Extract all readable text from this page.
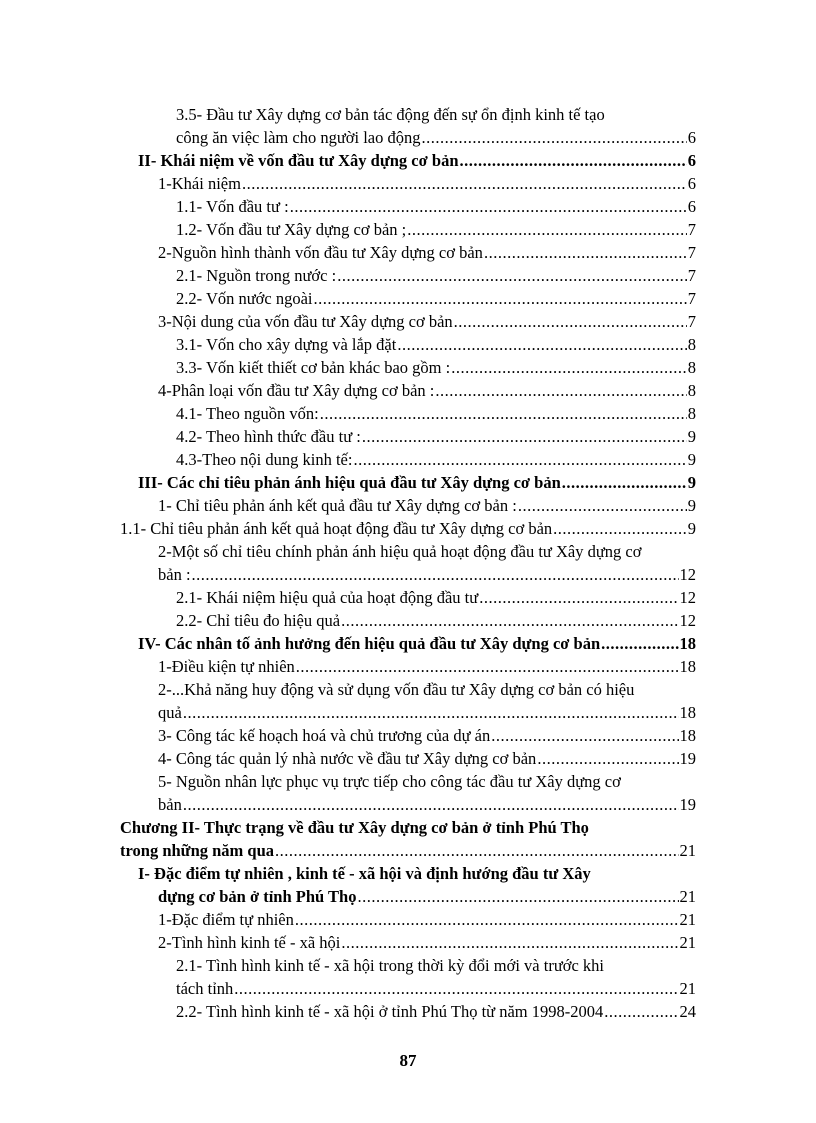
3.5- Đầu tư Xây dựng cơ bản tác động đến sự ổn định kinh tế tạo
công ăn việc làm cho người lao động .....	6
II- Khái niệm về vốn đầu tư Xây dựng cơ bản .....	6
1-Khái niệm .....	6
1.1- Vốn đầu tư : .....	6
1.2- Vốn đầu tư Xây dựng cơ bản ; .....	7
2-Nguồn hình thành vốn đầu tư Xây dựng cơ bản .....	7
2.1- Nguồn trong nước : .....	7
2.2- Vốn nước ngoài .....	7
3-Nội dung của vốn đầu tư Xây dựng cơ bản .....	7
3.1- Vốn cho xây dựng và lắp đặt .....	8
3.3- Vốn kiết thiết cơ bản khác bao gồm : .....	8
4-Phân loại vốn đầu tư Xây dựng cơ bản : .....	8
4.1- Theo nguồn vốn: .....	8
4.2- Theo hình thức đầu tư : .....	9
4.3-Theo nội dung kinh tế: .....	9
III- Các chỉ tiêu phản ánh hiệu quả đầu tư Xây dựng cơ bản .....	9
1- Chỉ tiêu phản ánh kết quả đầu tư Xây dựng cơ bản : .....	9
1.1- Chỉ tiêu phản ánh kết quả hoạt động đầu tư Xây dựng cơ bản .....	9
2-Một số chỉ tiêu chính phản ánh hiệu quả hoạt động đầu tư Xây dựng cơ
bản : .....	12
2.1- Khái niệm hiệu quả của hoạt động đầu tư .....	12
2.2- Chỉ tiêu đo hiệu quả .....	12
IV- Các nhân tố ảnh hưởng đến hiệu quả đầu tư Xây dựng cơ bản .....	18
1-Điều kiện tự nhiên .....	18
2-...Khả năng huy động và sử dụng vốn đầu tư Xây dựng cơ bản có hiệu
quả .....	18
3- Công tác kế hoạch hoá và chủ trương của dự án .....	18
4- Công tác quản lý nhà nước về đầu tư Xây dựng cơ bản .....	19
5- Nguồn nhân lực phục vụ trực tiếp cho công tác đầu tư Xây dựng cơ
bản .....	19
Chương II- Thực trạng về đầu tư Xây dựng cơ bản ở tỉnh Phú Thọ
trong những năm qua .....	21
I- Đặc điểm tự nhiên , kinh tế - xã hội và định hướng đầu tư Xây
dựng cơ bản ở tỉnh Phú Thọ .....	21
1-Đặc điểm tự nhiên .....	21
2-Tình hình kinh tế - xã hội .....	21
2.1- Tình hình kinh tế - xã hội trong thời kỳ đổi mới và trước khi
tách tỉnh .....	21
2.2- Tình hình kinh tế - xã hội ở tỉnh Phú Thọ từ năm 1998-2004 .....	24
87
